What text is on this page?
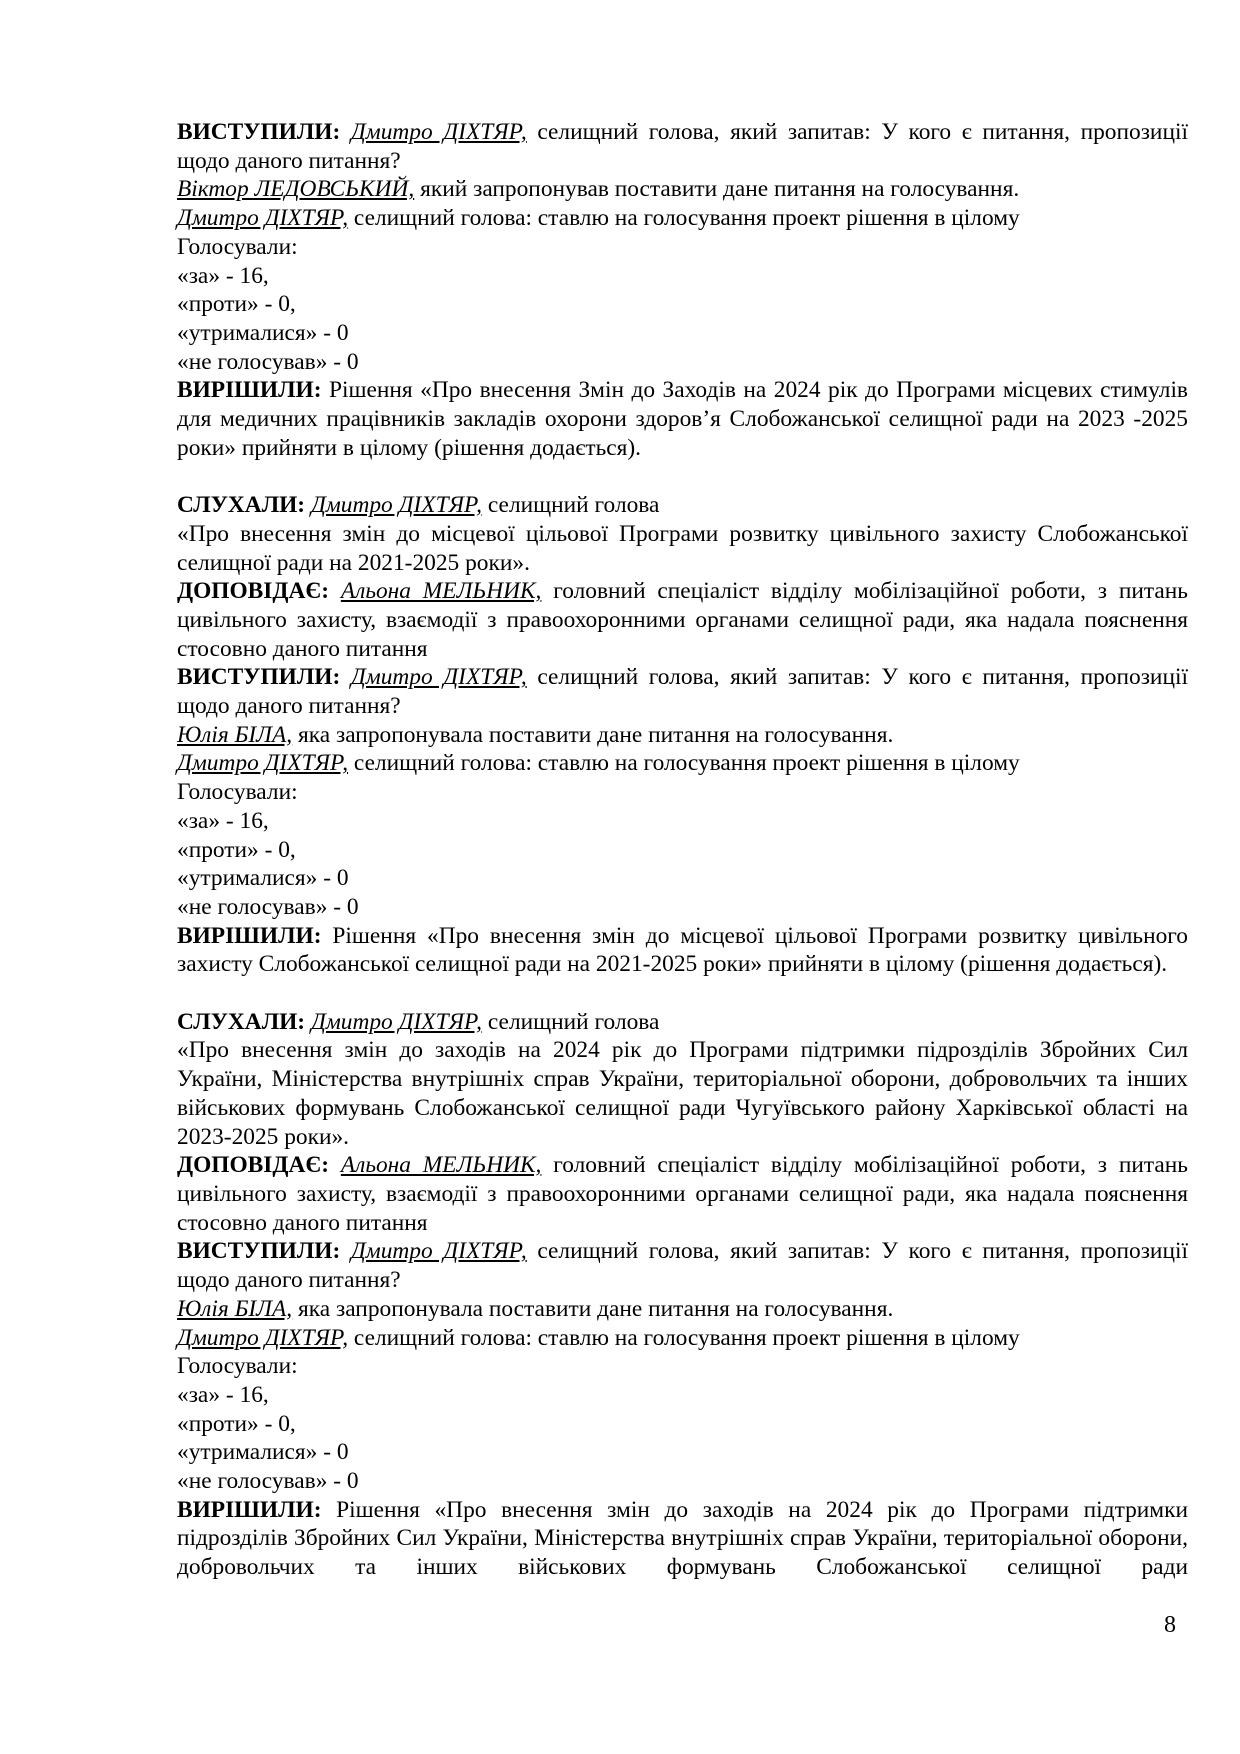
ВИСТУПИЛИ: Дмитро ДІХТЯР, селищний голова, який запитав: У кого є питання, пропозиції щодо даного питання?

Віктор ЛЕДОВСЬКИЙ, який запропонував поставити дане питання на голосування.

Дмитро ДІХТЯР, селищний голова: ставлю на голосування проект рішення в цілому

Голосували:

«за» - 16,

«проти» - 0,

«утрималися» - 0

«не голосував» - 0

ВИРІШИЛИ: Рішення «Про внесення Змін до Заходів на 2024 рік до Програми місцевих стимулів для медичних працівників закладів охорони здоров’я Слобожанської селищної ради на 2023 -2025 роки» прийняти в цілому (рішення додається).

СЛУХАЛИ: Дмитро ДІХТЯР, селищний голова

«Про внесення змін до місцевої цільової Програми розвитку цивільного захисту Слобожанської селищної ради на 2021-2025 роки».

ДОПОВІДАЄ: Альона МЕЛЬНИК, головний спеціаліст відділу мобілізаційної роботи, з питань цивільного захисту, взаємодії з правоохоронними органами селищної ради, яка надала пояснення стосовно даного питання

ВИСТУПИЛИ: Дмитро ДІХТЯР, селищний голова, який запитав: У кого є питання, пропозиції щодо даного питання?

Юлія БІЛА, яка запропонувала поставити дане питання на голосування.

Дмитро ДІХТЯР, селищний голова: ставлю на голосування проект рішення в цілому

Голосували:

«за» - 16,

«проти» - 0,

«утрималися» - 0

«не голосував» - 0

ВИРІШИЛИ: Рішення «Про внесення змін до місцевої цільової Програми розвитку цивільного захисту Слобожанської селищної ради на 2021-2025 роки» прийняти в цілому (рішення додається).

СЛУХАЛИ: Дмитро ДІХТЯР, селищний голова

«Про внесення змін до заходів на 2024 рік до Програми підтримки підрозділів Збройних Сил України, Міністерства внутрішніх справ України, територіальної оборони, добровольчих та інших військових формувань Слобожанської селищної ради Чугуївського району Харківської області на 2023-2025 роки».

ДОПОВІДАЄ: Альона МЕЛЬНИК, головний спеціаліст відділу мобілізаційної роботи, з питань цивільного захисту, взаємодії з правоохоронними органами селищної ради, яка надала пояснення стосовно даного питання

ВИСТУПИЛИ: Дмитро ДІХТЯР, селищний голова, який запитав: У кого є питання, пропозиції щодо даного питання?

Юлія БІЛА, яка запропонувала поставити дане питання на голосування.

Дмитро ДІХТЯР, селищний голова: ставлю на голосування проект рішення в цілому

Голосували:

«за» - 16,

«проти» - 0,

«утрималися» - 0

«не голосував» - 0

ВИРІШИЛИ: Рішення «Про внесення змін до заходів на 2024 рік до Програми підтримки підрозділів Збройних Сил України, Міністерства внутрішніх справ України, територіальної оборони, добровольчих та інших військових формувань Слобожанської селищної ради

8
